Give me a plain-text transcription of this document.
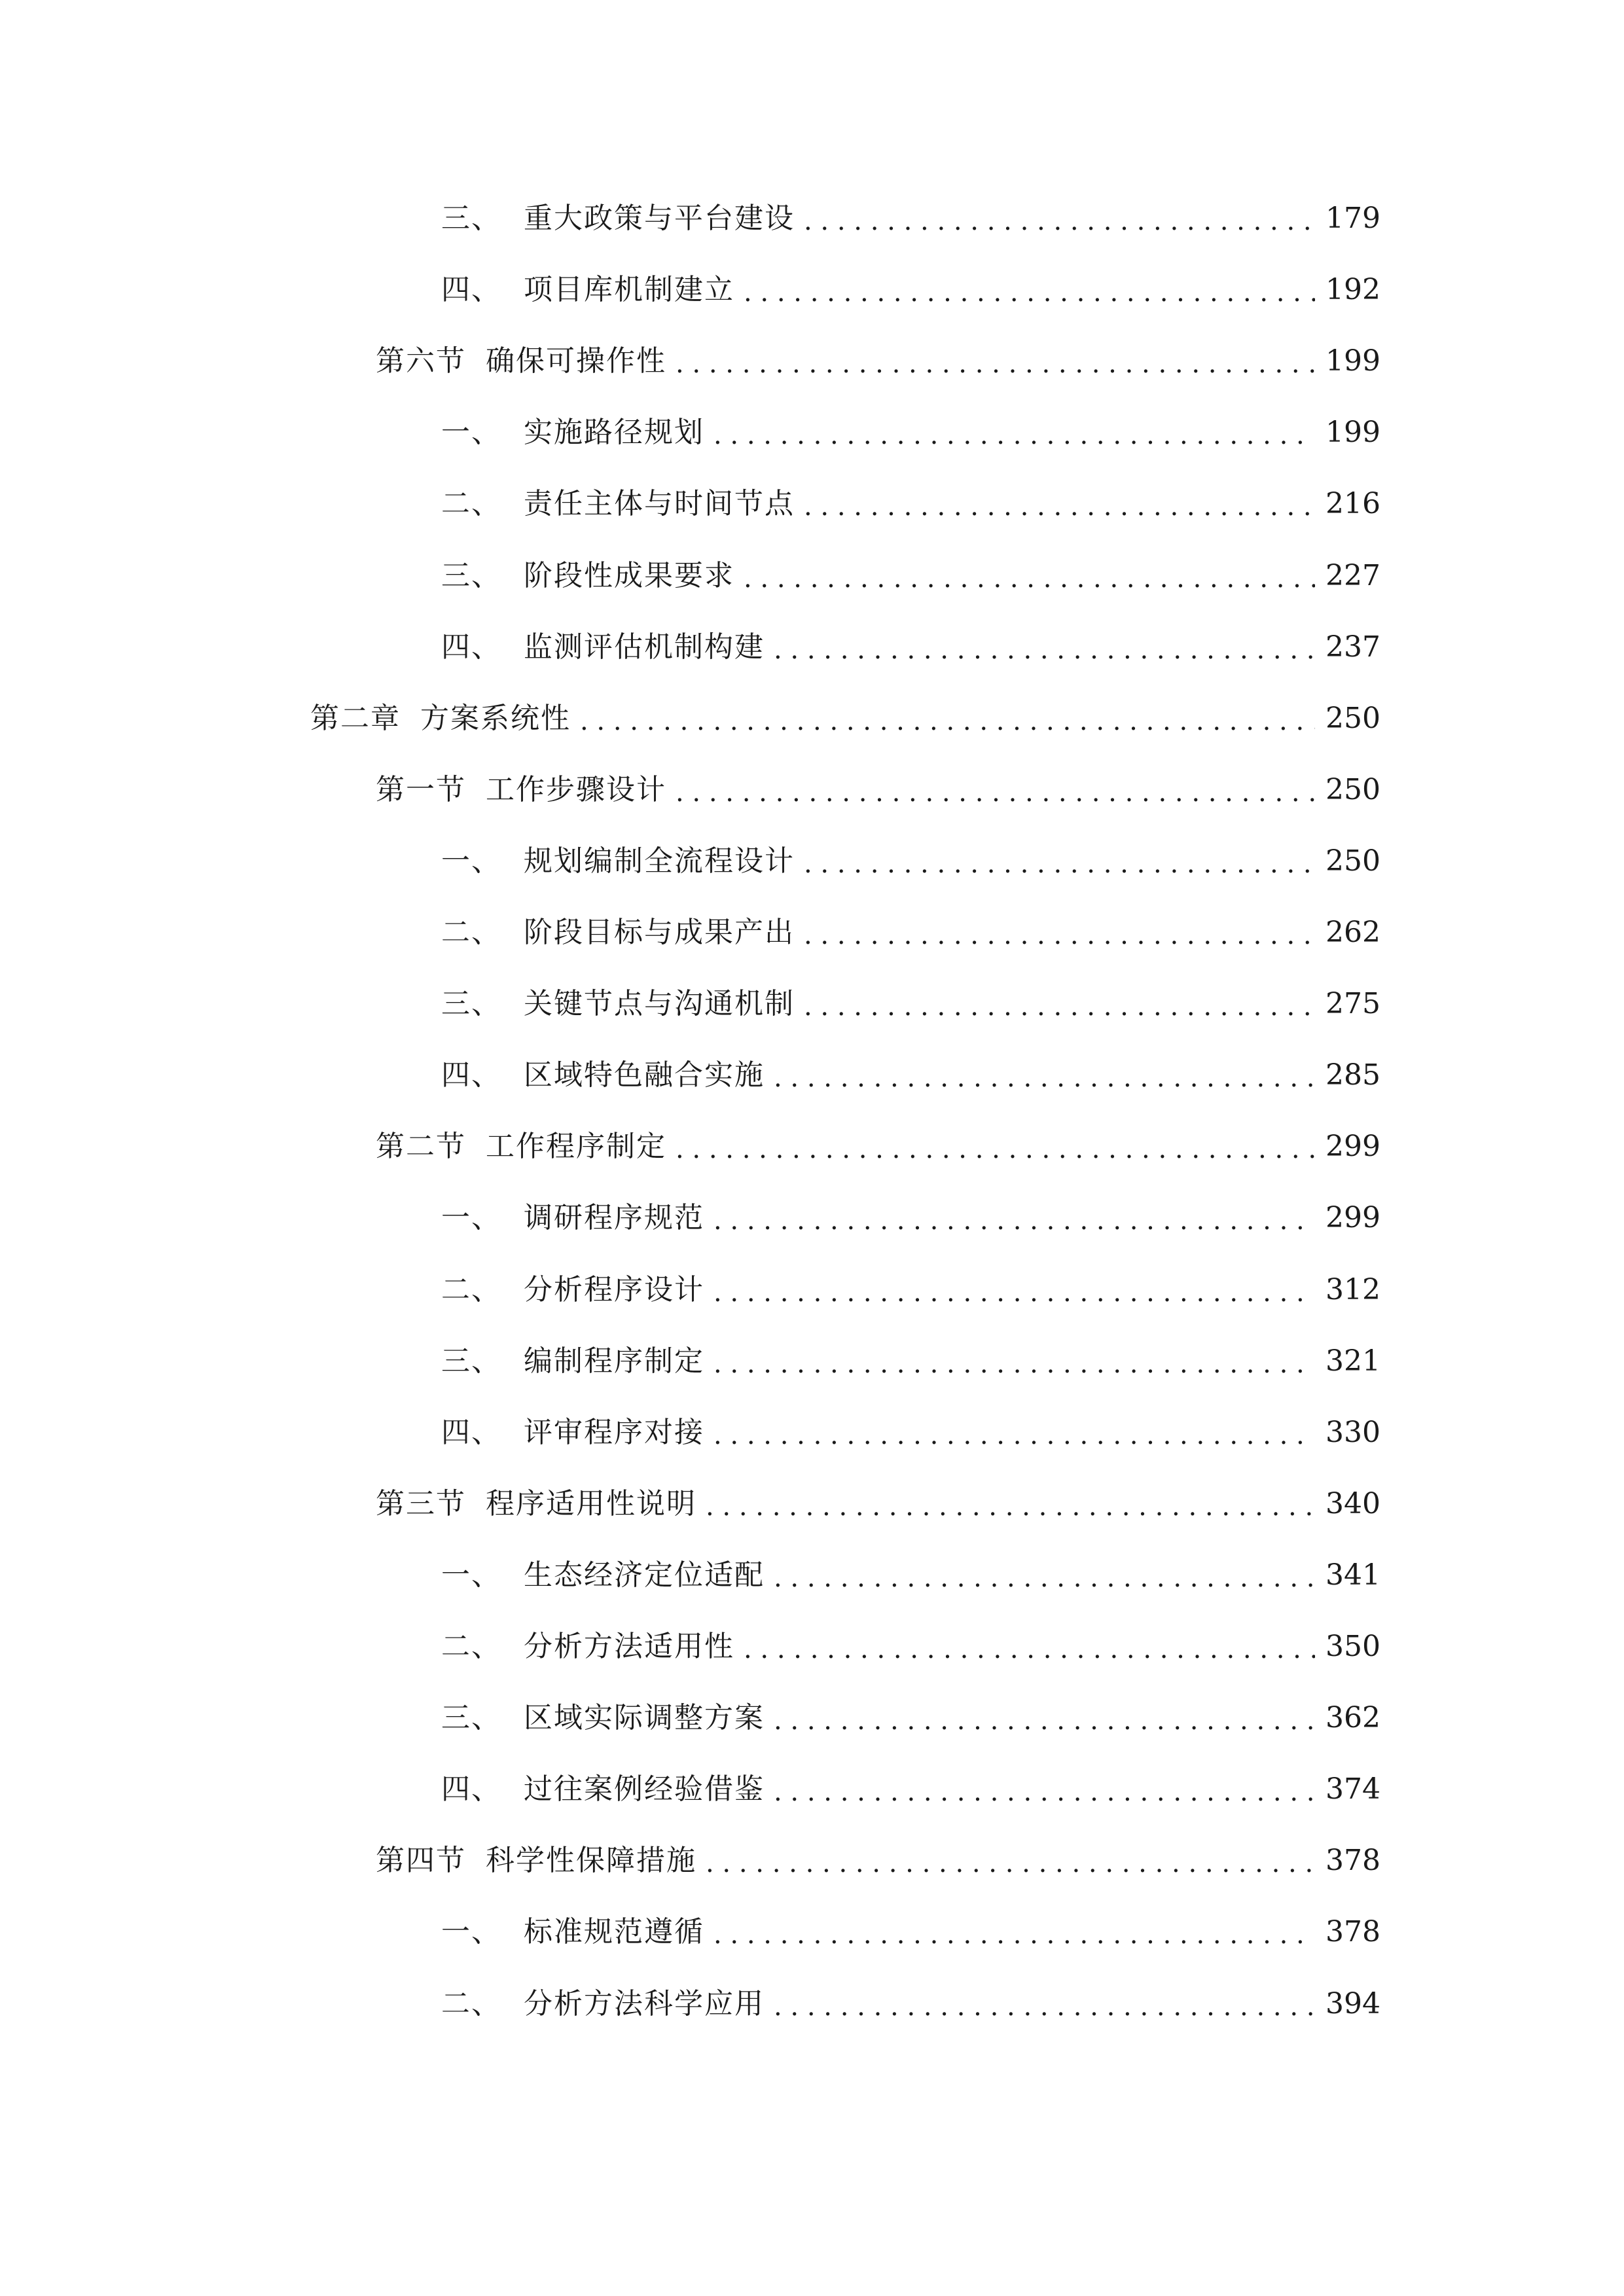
三、 重大政策与平台建设 . . .	179
四、 项目库机制建立 . . .	192
第六节 确保可操作性 . . .	199
一、 实施路径规划 . . .	199
二、 责任主体与时间节点 . . .	216
三、 阶段性成果要求 . . .	227
四、 监测评估机制构建 . . .	237
第二章 方案系统性 . . .	250
第一节 工作步骤设计 . . .	250
一、 规划编制全流程设计 . . .	250
二、 阶段目标与成果产出 . . .	262
三、 关键节点与沟通机制 . . .	275
四、 区域特色融合实施 . . .	285
第二节 工作程序制定 . . .	299
一、 调研程序规范 . . .	299
二、 分析程序设计 . . .	312
三、 编制程序制定 . . .	321
四、 评审程序对接 . . .	330
第三节 程序适用性说明 . . .	340
一、 生态经济定位适配 . . .	341
二、 分析方法适用性 . . .	350
三、 区域实际调整方案 . . .	362
四、 过往案例经验借鉴 . . .	374
第四节 科学性保障措施 . . .	378
一、 标准规范遵循 . . .	378
二、 分析方法科学应用 . . .	394
